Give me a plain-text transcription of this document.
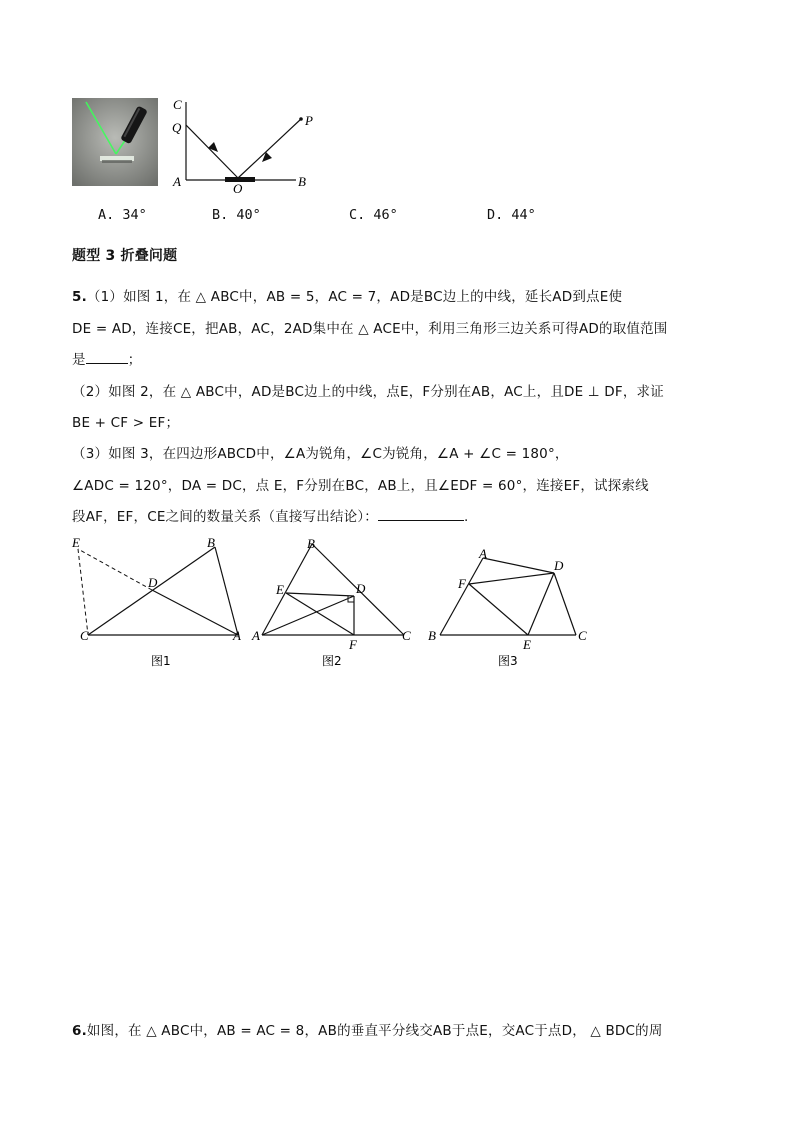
C
Q	P
A	O	B
A. 34°	B. 40°	C. 46°	D. 44°
题型 3 折叠问题
5.（1）如图 1，在 △ ABC中，AB = 5，AC = 7，AD是BC边上的中线，延长AD到点E使
DE = AD，连接CE，把AB，AC，2AD集中在 △ ACE中，利用三角形三边关系可得AD的取值范围
是	；
（2）如图 2，在 △ ABC中，AD是BC边上的中线，点E，F分别在AB，AC上，且DE ⊥ DF，求证
BE + CF > EF；
（3）如图 3，在四边形ABCD中，∠A为锐角，∠C为锐角，∠A + ∠C = 180°，
∠ADC = 120°，DA = DC，点 E，F分别在BC，AB上，且∠EDF = 60°，连接EF，试探索线
段AF，EF，CE之间的数量关系（直接写出结论）：	.
E	B
D
C	A
图1
B
E	D
A
F
C
图2
A
D
F
B
E
C
图3
6.如图，在 △ ABC中，AB = AC = 8，AB的垂直平分线交AB于点E，交AC于点D， △ BDC的周
